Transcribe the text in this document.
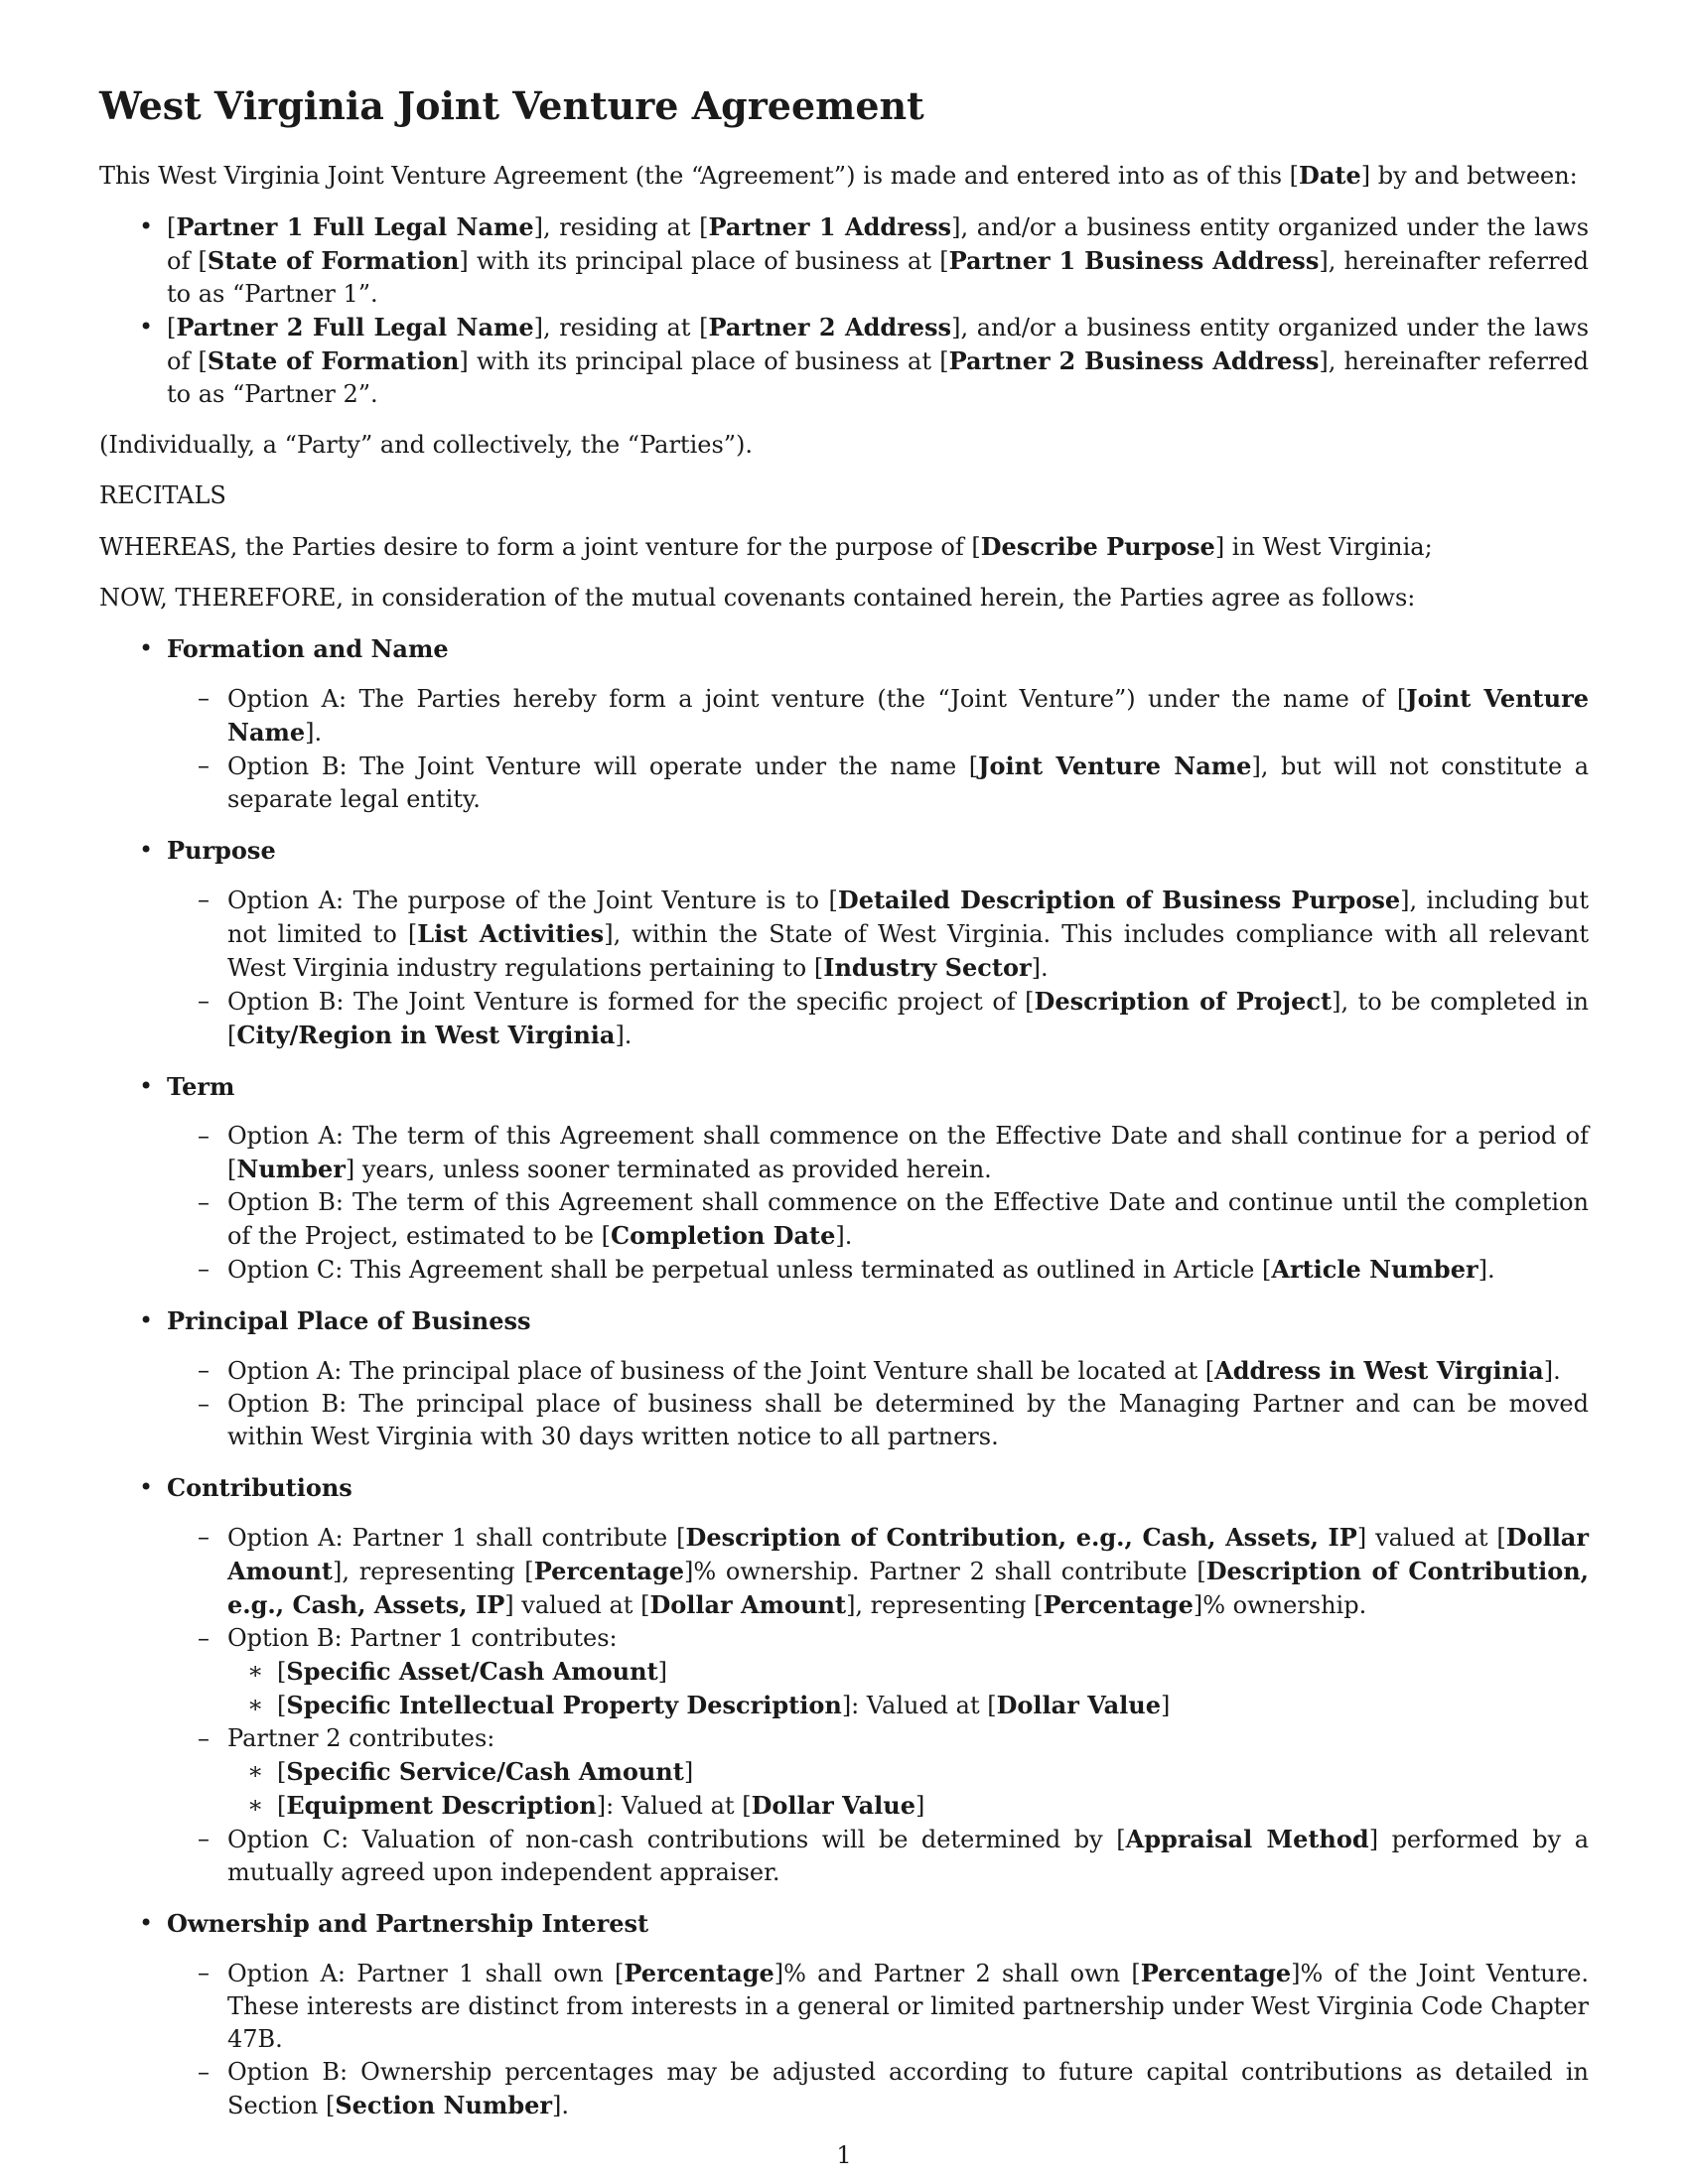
West Virginia Joint Venture Agreement

This West Virginia Joint Venture Agreement (the “Agreement”) is made and entered into as of this [Date] by and between:

• [Partner 1 Full Legal Name], residing at [Partner 1 Address], and/or a business entity organized under the laws of [State of Formation] with its principal place of business at [Partner 1 Business Address], hereinafter referred to as “Partner 1”.
• [Partner 2 Full Legal Name], residing at [Partner 2 Address], and/or a business entity organized under the laws of [State of Formation] with its principal place of business at [Partner 2 Business Address], hereinafter referred to as “Partner 2”.

(Individually, a “Party” and collectively, the “Parties”).

RECITALS

WHEREAS, the Parties desire to form a joint venture for the purpose of [Describe Purpose] in West Virginia;

NOW, THEREFORE, in consideration of the mutual covenants contained herein, the Parties agree as follows:

• Formation and Name
– Option A: The Parties hereby form a joint venture (the “Joint Venture”) under the name of [Joint Venture Name].
– Option B: The Joint Venture will operate under the name [Joint Venture Name], but will not constitute a separate legal entity.
• Purpose
– Option A: The purpose of the Joint Venture is to [Detailed Description of Business Purpose], including but not limited to [List Activities], within the State of West Virginia. This includes compliance with all relevant West Virginia industry regulations pertaining to [Industry Sector].
– Option B: The Joint Venture is formed for the specific project of [Description of Project], to be completed in [City/Region in West Virginia].
• Term
– Option A: The term of this Agreement shall commence on the Effective Date and shall continue for a period of [Number] years, unless sooner terminated as provided herein.
– Option B: The term of this Agreement shall commence on the Effective Date and continue until the completion of the Project, estimated to be [Completion Date].
– Option C: This Agreement shall be perpetual unless terminated as outlined in Article [Article Number].
• Principal Place of Business
– Option A: The principal place of business of the Joint Venture shall be located at [Address in West Virginia].
– Option B: The principal place of business shall be determined by the Managing Partner and can be moved within West Virginia with 30 days written notice to all partners.
• Contributions
– Option A: Partner 1 shall contribute [Description of Contribution, e.g., Cash, Assets, IP] valued at [Dollar Amount], representing [Percentage]% ownership. Partner 2 shall contribute [Description of Contribution, e.g., Cash, Assets, IP] valued at [Dollar Amount], representing [Percentage]% ownership.
– Option B: Partner 1 contributes:
∗ [Specific Asset/Cash Amount]
∗ [Specific Intellectual Property Description]: Valued at [Dollar Value]
– Partner 2 contributes:
∗ [Specific Service/Cash Amount]
∗ [Equipment Description]: Valued at [Dollar Value]
– Option C: Valuation of non-cash contributions will be determined by [Appraisal Method] performed by a mutually agreed upon independent appraiser.
• Ownership and Partnership Interest
– Option A: Partner 1 shall own [Percentage]% and Partner 2 shall own [Percentage]% of the Joint Venture. These interests are distinct from interests in a general or limited partnership under West Virginia Code Chapter 47B.
– Option B: Ownership percentages may be adjusted according to future capital contributions as detailed in Section [Section Number].
1
